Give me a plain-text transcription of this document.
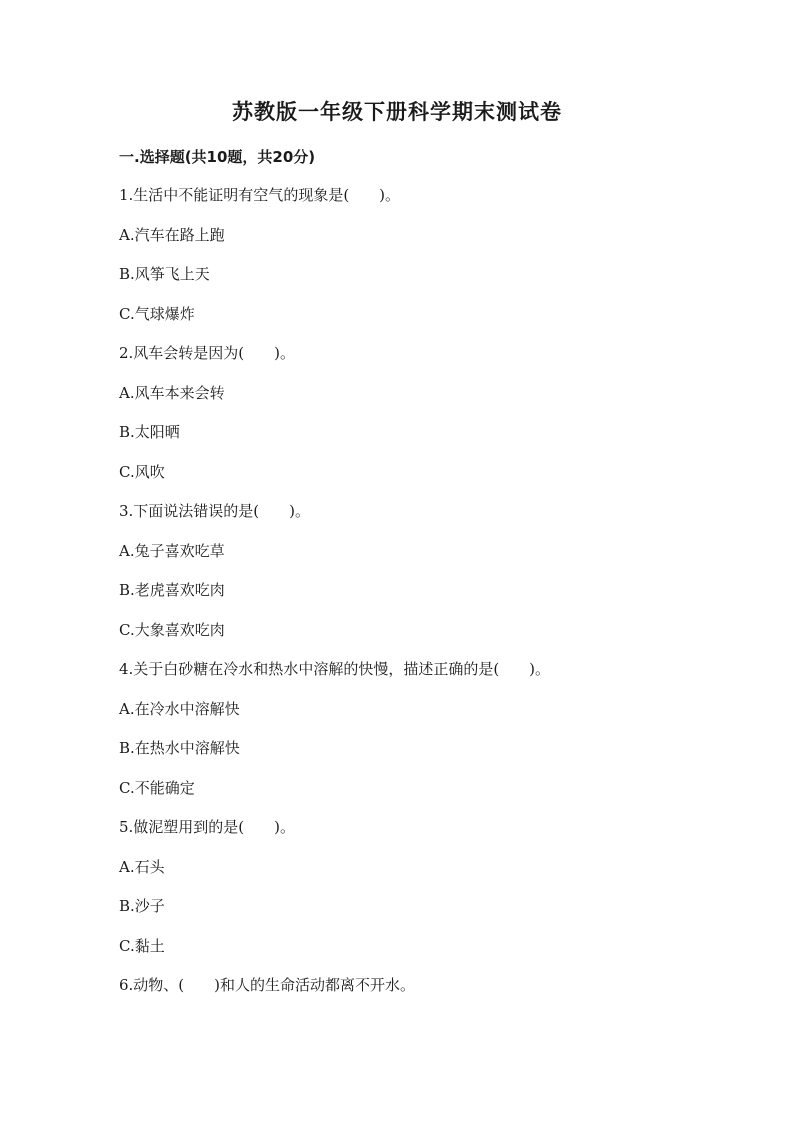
苏教版一年级下册科学期末测试卷
一.选择题(共10题，共20分)
1.生活中不能证明有空气的现象是(　　)。
A.汽车在路上跑
B.风筝飞上天
C.气球爆炸
2.风车会转是因为(　　)。
A.风车本来会转
B.太阳晒
C.风吹
3.下面说法错误的是(　　)。
A.兔子喜欢吃草
B.老虎喜欢吃肉
C.大象喜欢吃肉
4.关于白砂糖在冷水和热水中溶解的快慢，描述正确的是(　　)。
A.在冷水中溶解快
B.在热水中溶解快
C.不能确定
5.做泥塑用到的是(　　)。
A.石头
B.沙子
C.黏土
6.动物、(　　)和人的生命活动都离不开水。
